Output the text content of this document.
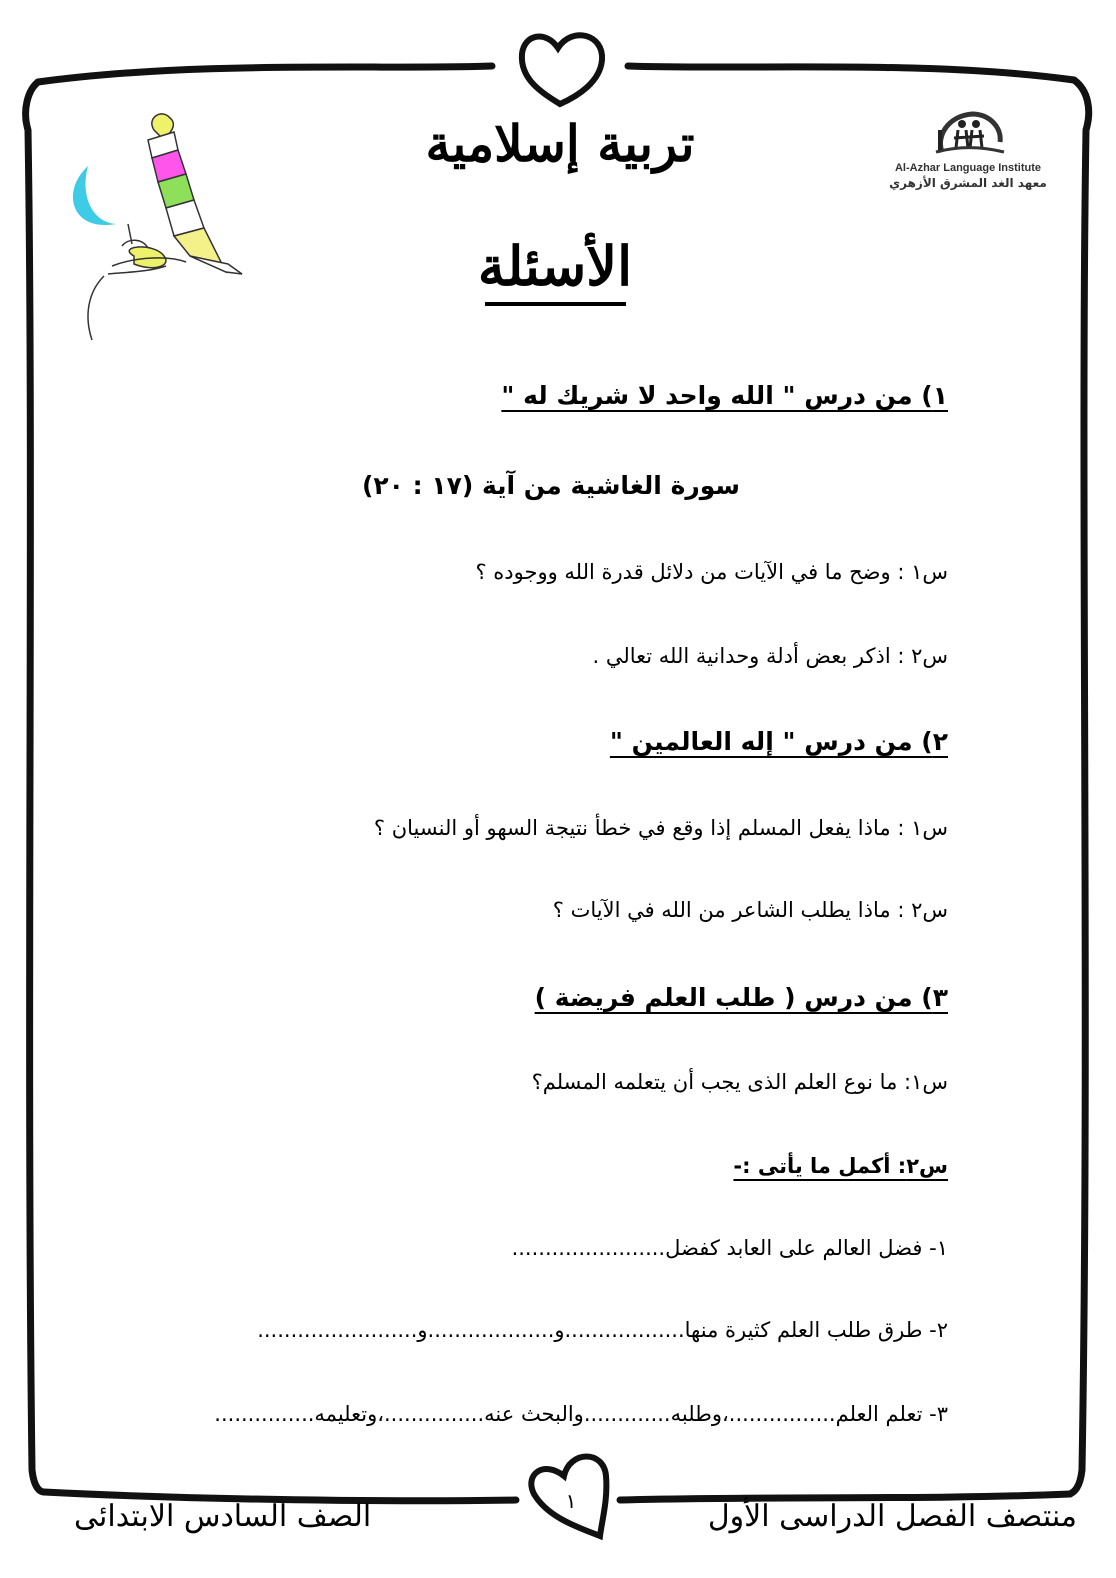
Al-Azhar Language Institute
معهد الغد المشرق الأزهري
تربية إسلامية
الأسئلة
١) من درس " الله واحد لا شريك له "
سورة الغاشية من آية (١٧ : ٢٠)
س١ : وضح ما في الآيات من دلائل قدرة الله ووجوده ؟
س٢ : اذكر بعض أدلة وحدانية الله تعالي .
٢) من درس " إله العالمين "
س١ : ماذا يفعل المسلم إذا وقع في خطأ نتيجة السهو أو النسيان ؟
س٢ : ماذا يطلب الشاعر من الله في الآيات ؟
٣) من درس ( طلب العلم فريضة )
س١: ما نوع العلم الذى يجب أن يتعلمه المسلم؟
س٢: أكمل ما يأتى :-
١- فضل العالم على العابد كفضل.......................
٢- طرق طلب العلم كثيرة منها..................و...................و........................
٣- تعلم العلم................،وطلبه.............والبحث عنه...............،وتعليمه...............
١
الصف السادس الابتدائى	منتصف الفصل الدراسى الأول
